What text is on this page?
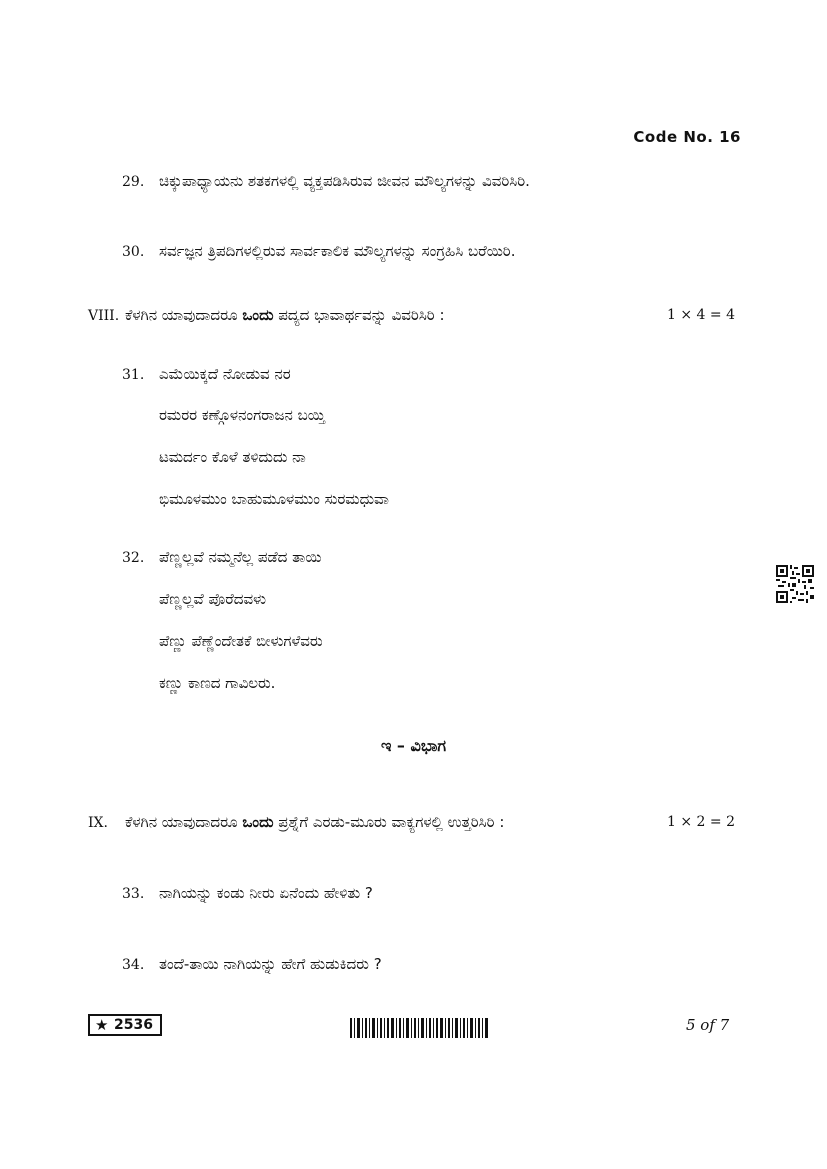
Code No. 16
29. ಚಿಕ್ಕುಪಾಧ್ಯಾಯನು ಶತಕಗಳಲ್ಲಿ ವ್ಯಕ್ತಪಡಿಸಿರುವ ಜೀವನ ಮೌಲ್ಯಗಳನ್ನು ವಿವರಿಸಿರಿ.
30. ಸರ್ವಜ್ಞನ ತ್ರಿಪದಿಗಳಲ್ಲಿರುವ ಸಾರ್ವಕಾಲಿಕ ಮೌಲ್ಯಗಳನ್ನು ಸಂಗ್ರಹಿಸಿ ಬರೆಯಿರಿ.
VIII. ಕೆಳಗಿನ ಯಾವುದಾದರೂ ಒಂದು ಪದ್ಯದ ಭಾವಾರ್ಥವನ್ನು ವಿವರಿಸಿರಿ :	1 × 4 = 4
31. ಎಮೆಯಿಕ್ಕದೆ ನೋಡುವ ನರ
ರಮರರ ಕಣ್ಗೊಳನಂಗರಾಜನ ಬಯ್ತಿ
ಟಮರ್ದಂ ಕೊಳೆ ತಳಿದುದು ನಾ
ಭಿಮೂಳಮುಂ ಬಾಹುಮೂಳಮುಂ ಸುರಮಧುವಾ
32. ಪೆಣ್ಣಲ್ಲವೆ ನಮ್ಮನೆಲ್ಲ ಪಡೆದ ತಾಯಿ
ಪೆಣ್ಣಲ್ಲವೆ ಪೊರೆದವಳು
ಪೆಣ್ಣು ಪೆಣ್ಣೆಂದೇತಕೆ ಬೀಳುಗಳೆವರು
ಕಣ್ಣು ಕಾಣದ ಗಾವಿಲರು.
ಇ – ವಿಭಾಗ
IX. ಕೆಳಗಿನ ಯಾವುದಾದರೂ ಒಂದು ಪ್ರಶ್ನೆಗೆ ಎರಡು-ಮೂರು ವಾಕ್ಯಗಳಲ್ಲಿ ಉತ್ತರಿಸಿರಿ :	1 × 2 = 2
33. ನಾಗಿಯನ್ನು ಕಂಡು ನೀರು ಏನೆಂದು ಹೇಳಿತು ?
34. ತಂದೆ-ತಾಯಿ ನಾಗಿಯನ್ನು ಹೇಗೆ ಹುಡುಕಿದರು ?
★ 2536	5 of 7
